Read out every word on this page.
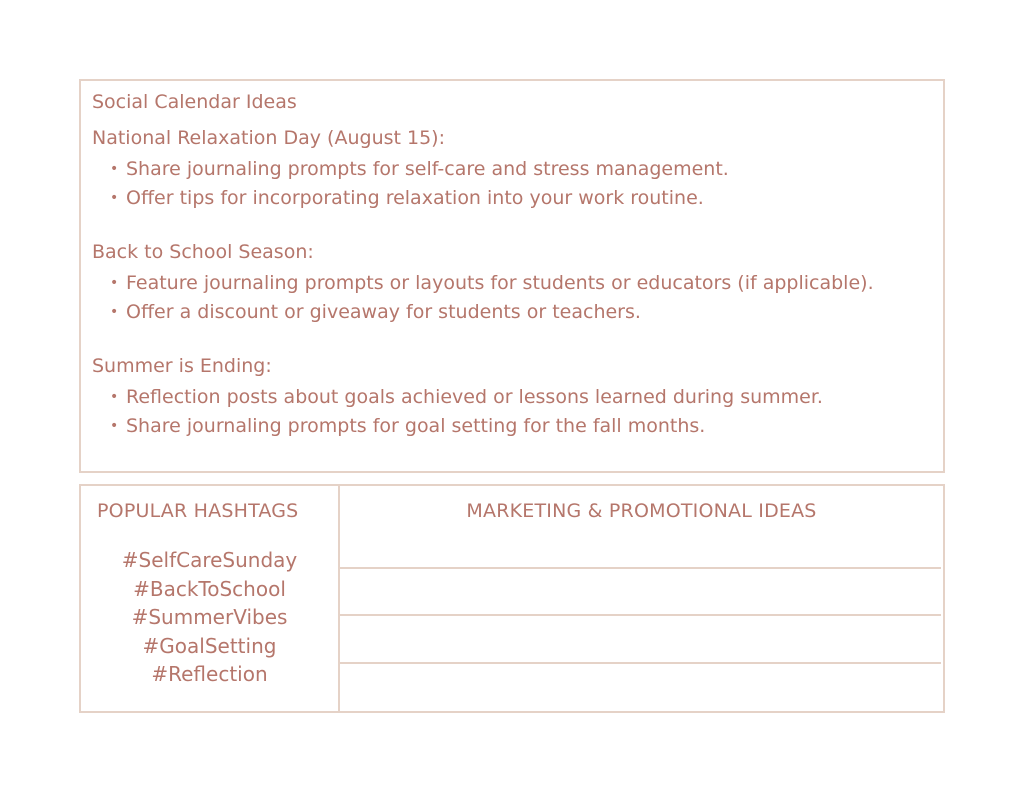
Social Calendar Ideas
National Relaxation Day (August 15):
• Share journaling prompts for self-care and stress management.
• Offer tips for incorporating relaxation into your work routine.
Back to School Season:
• Feature journaling prompts or layouts for students or educators (if applicable).
• Offer a discount or giveaway for students or teachers.
Summer is Ending:
• Reflection posts about goals achieved or lessons learned during summer.
• Share journaling prompts for goal setting for the fall months.
POPULAR HASHTAGS
#SelfCareSunday
#BackToSchool
#SummerVibes
#GoalSetting
#Reflection
MARKETING & PROMOTIONAL IDEAS
